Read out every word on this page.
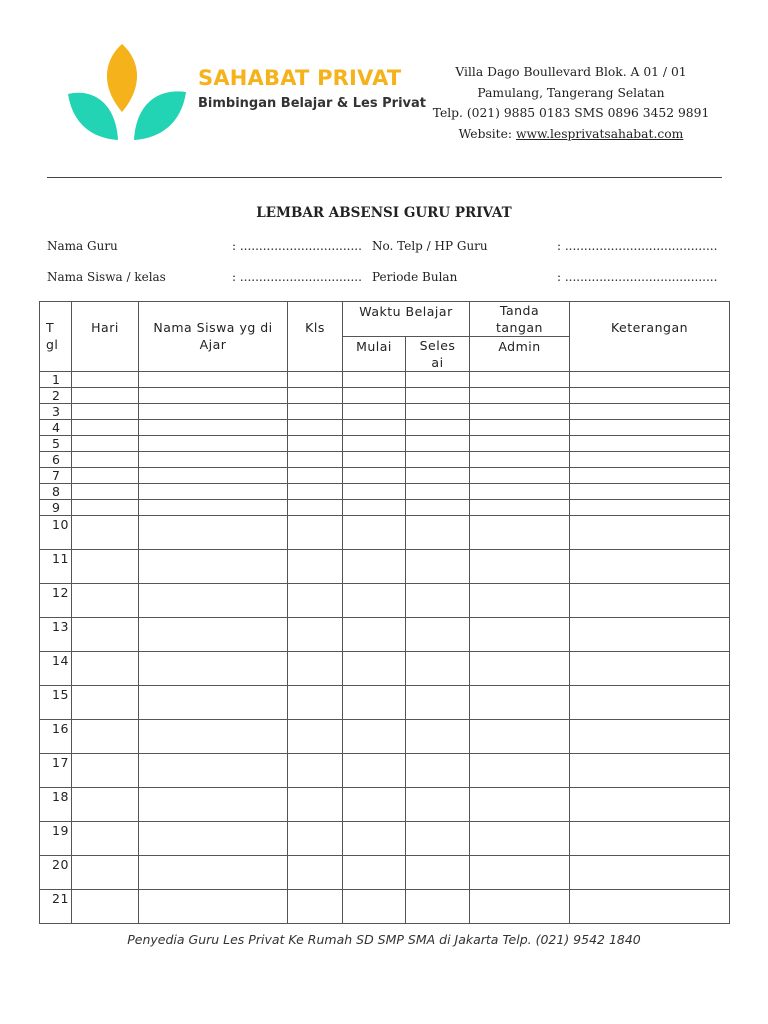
SAHABAT PRIVAT
Bimbingan Belajar & Les Privat
Villa Dago Boullevard Blok. A 01 / 01
Pamulang, Tangerang Selatan
Telp. (021) 9885 0183 SMS 0896 3452 9891
Website: www.lesprivatsahabat.com
LEMBAR ABSENSI GURU PRIVAT
Nama Guru	: ................................ No. Telp / HP Guru	: ........................................
Nama Siswa / kelas	: ................................ Periode Bulan	: ........................................
T gl	Hari	Nama Siswa yg di Ajar	Kls	Waktu Belajar		Tanda tangan	Keterangan
				Mulai	Seles ai	Admin	
1							
2							
3							
4							
5							
6							
7							
8							
9							
10							
11							
12							
13							
14							
15							
16							
17							
18							
19							
20							
21							
Penyedia Guru Les Privat Ke Rumah SD SMP SMA di Jakarta Telp. (021) 9542 1840
